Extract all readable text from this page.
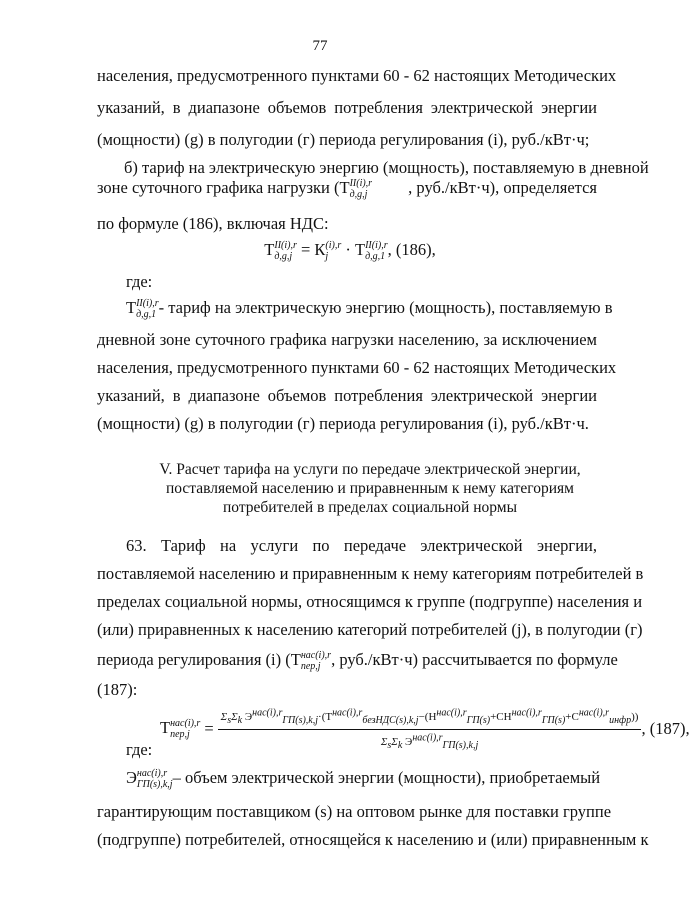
77
населения, предусмотренного пунктами 60 - 62 настоящих Методических
указаний, в диапазоне объемов потребления электрической энергии
(мощности) (g) в полугодии (г) периода регулирования (i), руб./кВт·ч;
б) тариф на электрическую энергию (мощность), поставляемую в дневной
зоне суточного графика нагрузки (ТII(i),r
д,g,j , руб./кВт·ч), определяется
по формуле (186), включая НДС:
ТII(i),r
д,g,j = К(i),r
j · ТII(i),r
д,g,1 , (186),
где:
ТII(i),r
д,g,1 - тариф на электрическую энергию (мощность), поставляемую в
дневной зоне суточного графика нагрузки населению, за исключением
населения, предусмотренного пунктами 60 - 62 настоящих Методических
указаний, в диапазоне объемов потребления электрической энергии
(мощности) (g) в полугодии (г) периода регулирования (i), руб./кВт·ч.
V. Расчет тарифа на услуги по передаче электрической энергии,
поставляемой населению и приравненным к нему категориям
потребителей в пределах социальной нормы
63. Тариф на услуги по передаче электрической энергии,
поставляемой населению и приравненным к нему категориям потребителей в
пределах социальной нормы, относящимся к группе (подгруппе) населения и
(или) приравненных к населению категорий потребителей (j), в полугодии (г)
периода регулирования (i) (Тнас(i),r
пер,j , руб./кВт·ч) рассчитывается по формуле
(187):
Тнас(i),r
пер,j =
$\Sigma_s\Sigma_k$ $Э^{нас(i),r}_{ГП(s),k,j}\cdot(Т^{нас(i),r}_{безНДС(s),k,j}-(Н^{нас(i),r}_{ГП(s)}+СН^{нас(i),r}_{ГП(s)}+С^{нас(i),r}_{инфр}))$
$\Sigma_s\Sigma_k$ $Э^{нас(i),r}_{ГП(s),k,j}$
, (187),
где:
Энас(i),r
ГП(s),k,j – объем электрической энергии (мощности), приобретаемый
гарантирующим поставщиком (s) на оптовом рынке для поставки группе
(подгруппе) потребителей, относящейся к населению и (или) приравненным к
